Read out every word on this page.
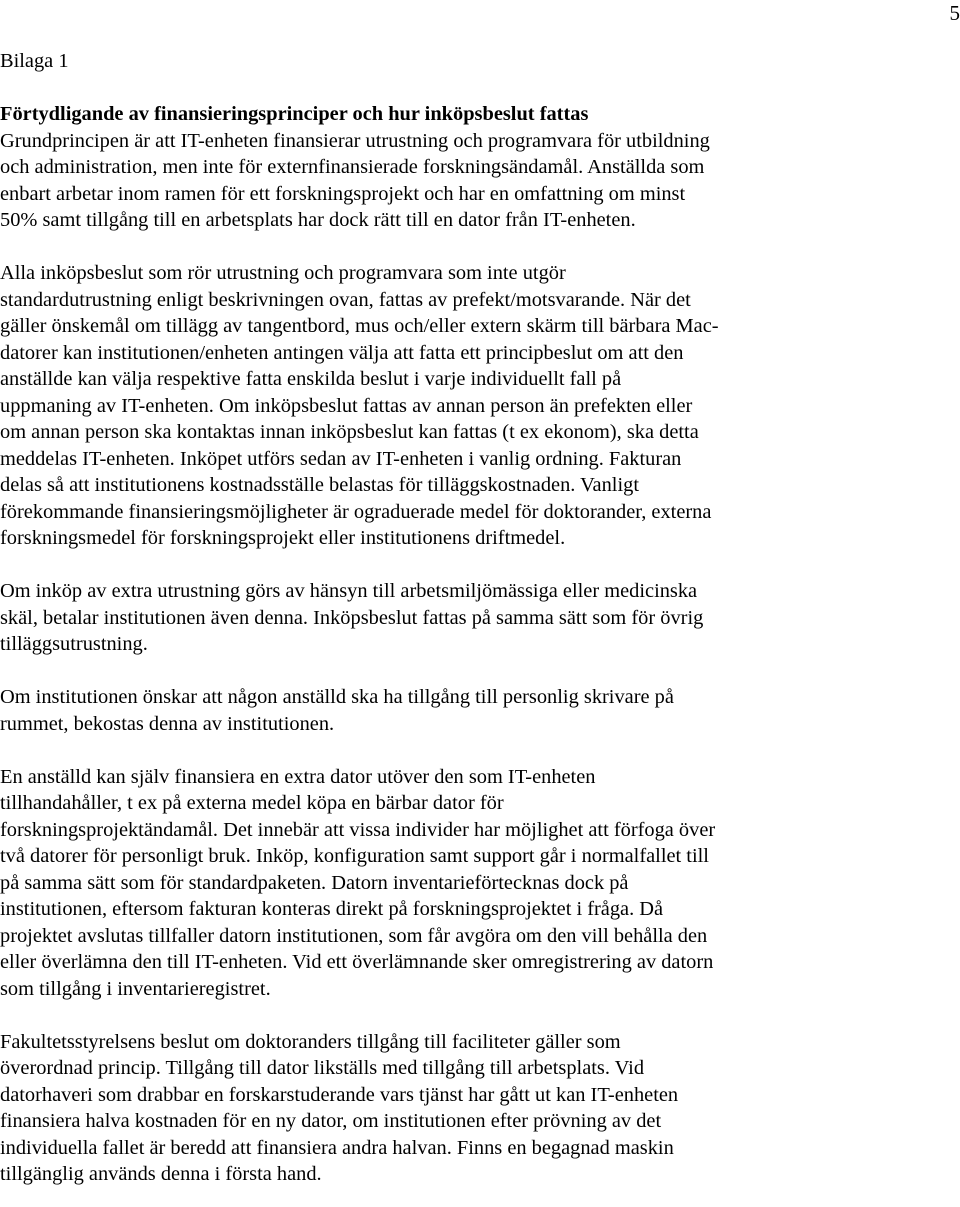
5
Bilaga 1
Förtydligande av finansieringsprinciper och hur inköpsbeslut fattas
Grundprincipen är att IT-enheten finansierar utrustning och programvara för utbildning
och administration, men inte för externfinansierade forskningsändamål. Anställda som
enbart arbetar inom ramen för ett forskningsprojekt och har en omfattning om minst
50% samt tillgång till en arbetsplats har dock rätt till en dator från IT-enheten.
Alla inköpsbeslut som rör utrustning och programvara som inte utgör
standardutrustning enligt beskrivningen ovan, fattas av prefekt/motsvarande. När det
gäller önskemål om tillägg av tangentbord, mus och/eller extern skärm till bärbara Mac-
datorer kan institutionen/enheten antingen välja att fatta ett principbeslut om att den
anställde kan välja respektive fatta enskilda beslut i varje individuellt fall på
uppmaning av IT-enheten. Om inköpsbeslut fattas av annan person än prefekten eller
om annan person ska kontaktas innan inköpsbeslut kan fattas (t ex ekonom), ska detta
meddelas IT-enheten. Inköpet utförs sedan av IT-enheten i vanlig ordning. Fakturan
delas så att institutionens kostnadsställe belastas för tilläggskostnaden. Vanligt
förekommande finansieringsmöjligheter är ograduerade medel för doktorander, externa
forskningsmedel för forskningsprojekt eller institutionens driftmedel.
Om inköp av extra utrustning görs av hänsyn till arbetsmiljömässiga eller medicinska
skäl, betalar institutionen även denna. Inköpsbeslut fattas på samma sätt som för övrig
tilläggsutrustning.
Om institutionen önskar att någon anställd ska ha tillgång till personlig skrivare på
rummet, bekostas denna av institutionen.
En anställd kan själv finansiera en extra dator utöver den som IT-enheten
tillhandahåller, t ex på externa medel köpa en bärbar dator för
forskningsprojektändamål. Det innebär att vissa individer har möjlighet att förfoga över
två datorer för personligt bruk. Inköp, konfiguration samt support går i normalfallet till
på samma sätt som för standardpaketen. Datorn inventarieförtecknas dock på
institutionen, eftersom fakturan konteras direkt på forskningsprojektet i fråga. Då
projektet avslutas tillfaller datorn institutionen, som får avgöra om den vill behålla den
eller överlämna den till IT-enheten. Vid ett överlämnande sker omregistrering av datorn
som tillgång i inventarieregistret.
Fakultetsstyrelsens beslut om doktoranders tillgång till faciliteter gäller som
överordnad princip. Tillgång till dator likställs med tillgång till arbetsplats. Vid
datorhaveri som drabbar en forskarstuderande vars tjänst har gått ut kan IT-enheten
finansiera halva kostnaden för en ny dator, om institutionen efter prövning av det
individuella fallet är beredd att finansiera andra halvan. Finns en begagnad maskin
tillgänglig används denna i första hand.
